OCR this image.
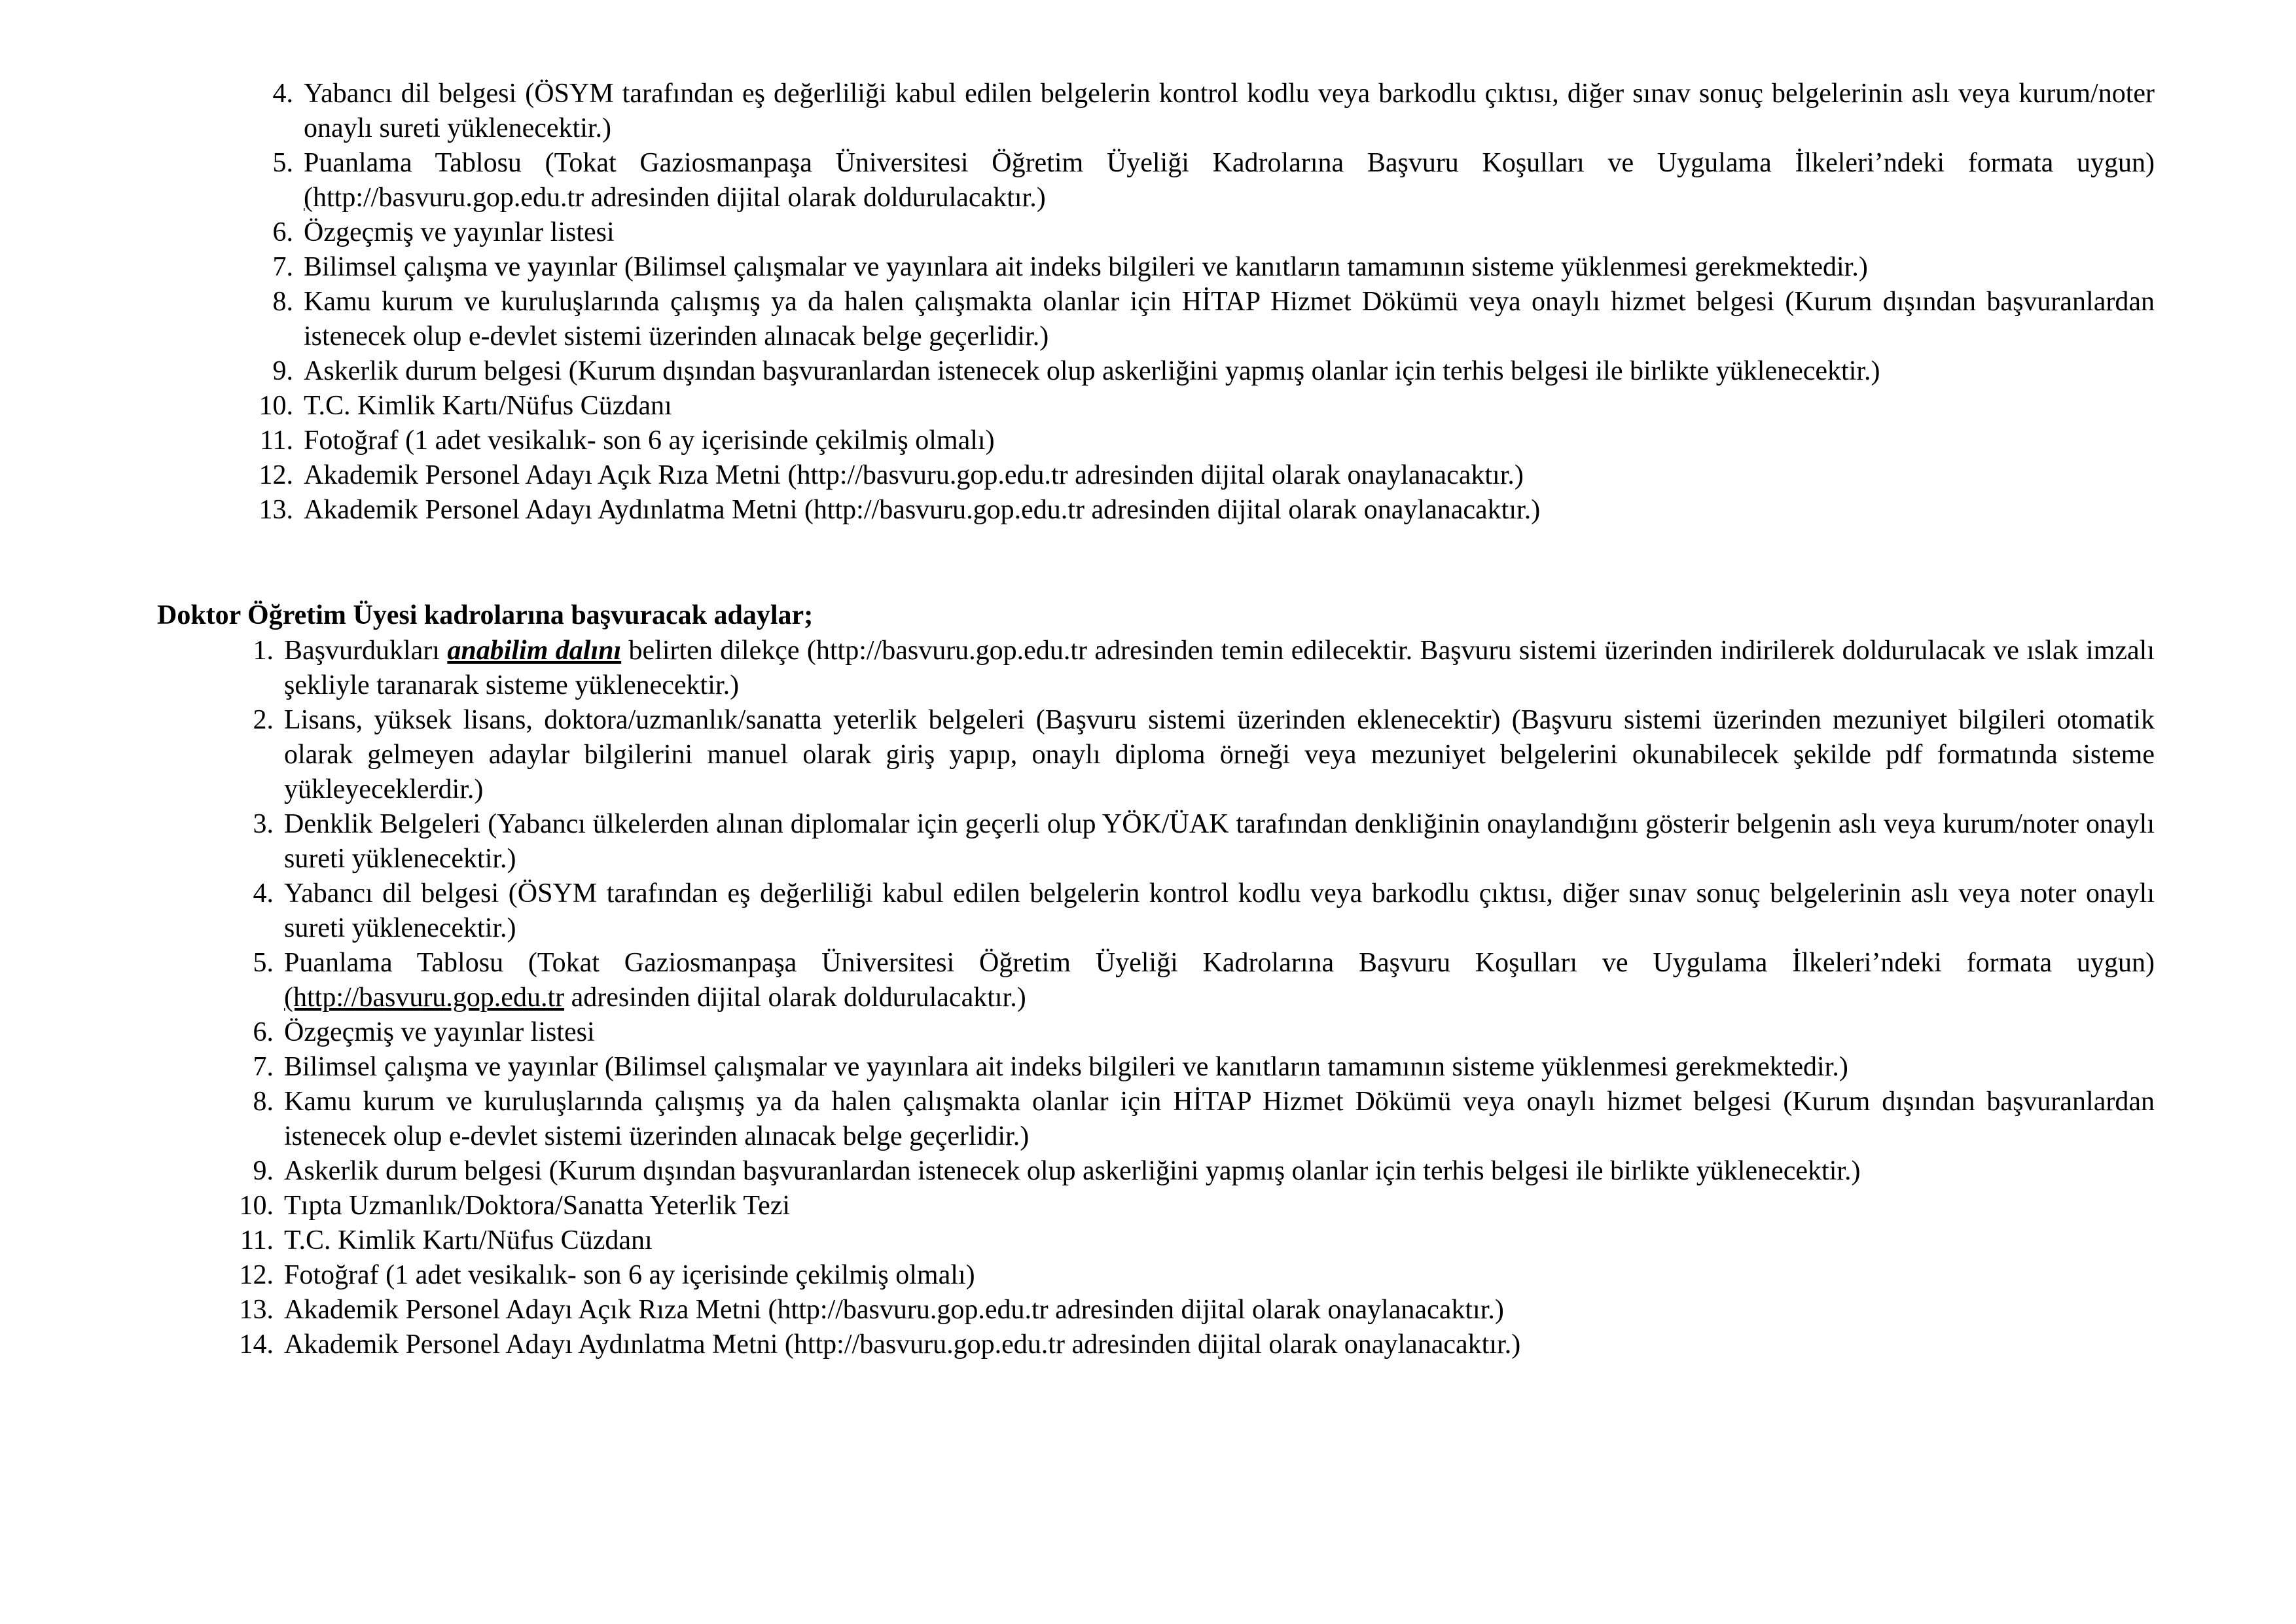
4. Yabancı dil belgesi (ÖSYM tarafından eş değerliliği kabul edilen belgelerin kontrol kodlu veya barkodlu çıktısı, diğer sınav sonuç belgelerinin aslı veya kurum/noter onaylı sureti yüklenecektir.)
5. Puanlama Tablosu (Tokat Gaziosmanpaşa Üniversitesi Öğretim Üyeliği Kadrolarına Başvuru Koşulları ve Uygulama İlkeleri’ndeki formata uygun) (http://basvuru.gop.edu.tr adresinden dijital olarak doldurulacaktır.)
6. Özgeçmiş ve yayınlar listesi
7. Bilimsel çalışma ve yayınlar (Bilimsel çalışmalar ve yayınlara ait indeks bilgileri ve kanıtların tamamının sisteme yüklenmesi gerekmektedir.)
8. Kamu kurum ve kuruluşlarında çalışmış ya da halen çalışmakta olanlar için HİTAP Hizmet Dökümü veya onaylı hizmet belgesi (Kurum dışından başvuranlardan istenecek olup e-devlet sistemi üzerinden alınacak belge geçerlidir.)
9. Askerlik durum belgesi (Kurum dışından başvuranlardan istenecek olup askerliğini yapmış olanlar için terhis belgesi ile birlikte yüklenecektir.)
10. T.C. Kimlik Kartı/Nüfus Cüzdanı
11. Fotoğraf (1 adet vesikalık- son 6 ay içerisinde çekilmiş olmalı)
12. Akademik Personel Adayı Açık Rıza Metni (http://basvuru.gop.edu.tr adresinden dijital olarak onaylanacaktır.)
13. Akademik Personel Adayı Aydınlatma Metni (http://basvuru.gop.edu.tr adresinden dijital olarak onaylanacaktır.)

Doktor Öğretim Üyesi kadrolarına başvuracak adaylar;

1. Başvurdukları anabilim dalını belirten dilekçe (http://basvuru.gop.edu.tr adresinden temin edilecektir. Başvuru sistemi üzerinden indirilerek doldurulacak ve ıslak imzalı şekliyle taranarak sisteme yüklenecektir.)
2. Lisans, yüksek lisans, doktora/uzmanlık/sanatta yeterlik belgeleri (Başvuru sistemi üzerinden eklenecektir) (Başvuru sistemi üzerinden mezuniyet bilgileri otomatik olarak gelmeyen adaylar bilgilerini manuel olarak giriş yapıp, onaylı diploma örneği veya mezuniyet belgelerini okunabilecek şekilde pdf formatında sisteme yükleyeceklerdir.)
3. Denklik Belgeleri (Yabancı ülkelerden alınan diplomalar için geçerli olup YÖK/ÜAK tarafından denkliğinin onaylandığını gösterir belgenin aslı veya kurum/noter onaylı sureti yüklenecektir.)
4. Yabancı dil belgesi (ÖSYM tarafından eş değerliliği kabul edilen belgelerin kontrol kodlu veya barkodlu çıktısı, diğer sınav sonuç belgelerinin aslı veya noter onaylı sureti yüklenecektir.)
5. Puanlama Tablosu (Tokat Gaziosmanpaşa Üniversitesi Öğretim Üyeliği Kadrolarına Başvuru Koşulları ve Uygulama İlkeleri’ndeki formata uygun) (http://basvuru.gop.edu.tr adresinden dijital olarak doldurulacaktır.)
6. Özgeçmiş ve yayınlar listesi
7. Bilimsel çalışma ve yayınlar (Bilimsel çalışmalar ve yayınlara ait indeks bilgileri ve kanıtların tamamının sisteme yüklenmesi gerekmektedir.)
8. Kamu kurum ve kuruluşlarında çalışmış ya da halen çalışmakta olanlar için HİTAP Hizmet Dökümü veya onaylı hizmet belgesi (Kurum dışından başvuranlardan istenecek olup e-devlet sistemi üzerinden alınacak belge geçerlidir.)
9. Askerlik durum belgesi (Kurum dışından başvuranlardan istenecek olup askerliğini yapmış olanlar için terhis belgesi ile birlikte yüklenecektir.)
10. Tıpta Uzmanlık/Doktora/Sanatta Yeterlik Tezi
11. T.C. Kimlik Kartı/Nüfus Cüzdanı
12. Fotoğraf (1 adet vesikalık- son 6 ay içerisinde çekilmiş olmalı)
13. Akademik Personel Adayı Açık Rıza Metni (http://basvuru.gop.edu.tr adresinden dijital olarak onaylanacaktır.)
14. Akademik Personel Adayı Aydınlatma Metni (http://basvuru.gop.edu.tr adresinden dijital olarak onaylanacaktır.)
